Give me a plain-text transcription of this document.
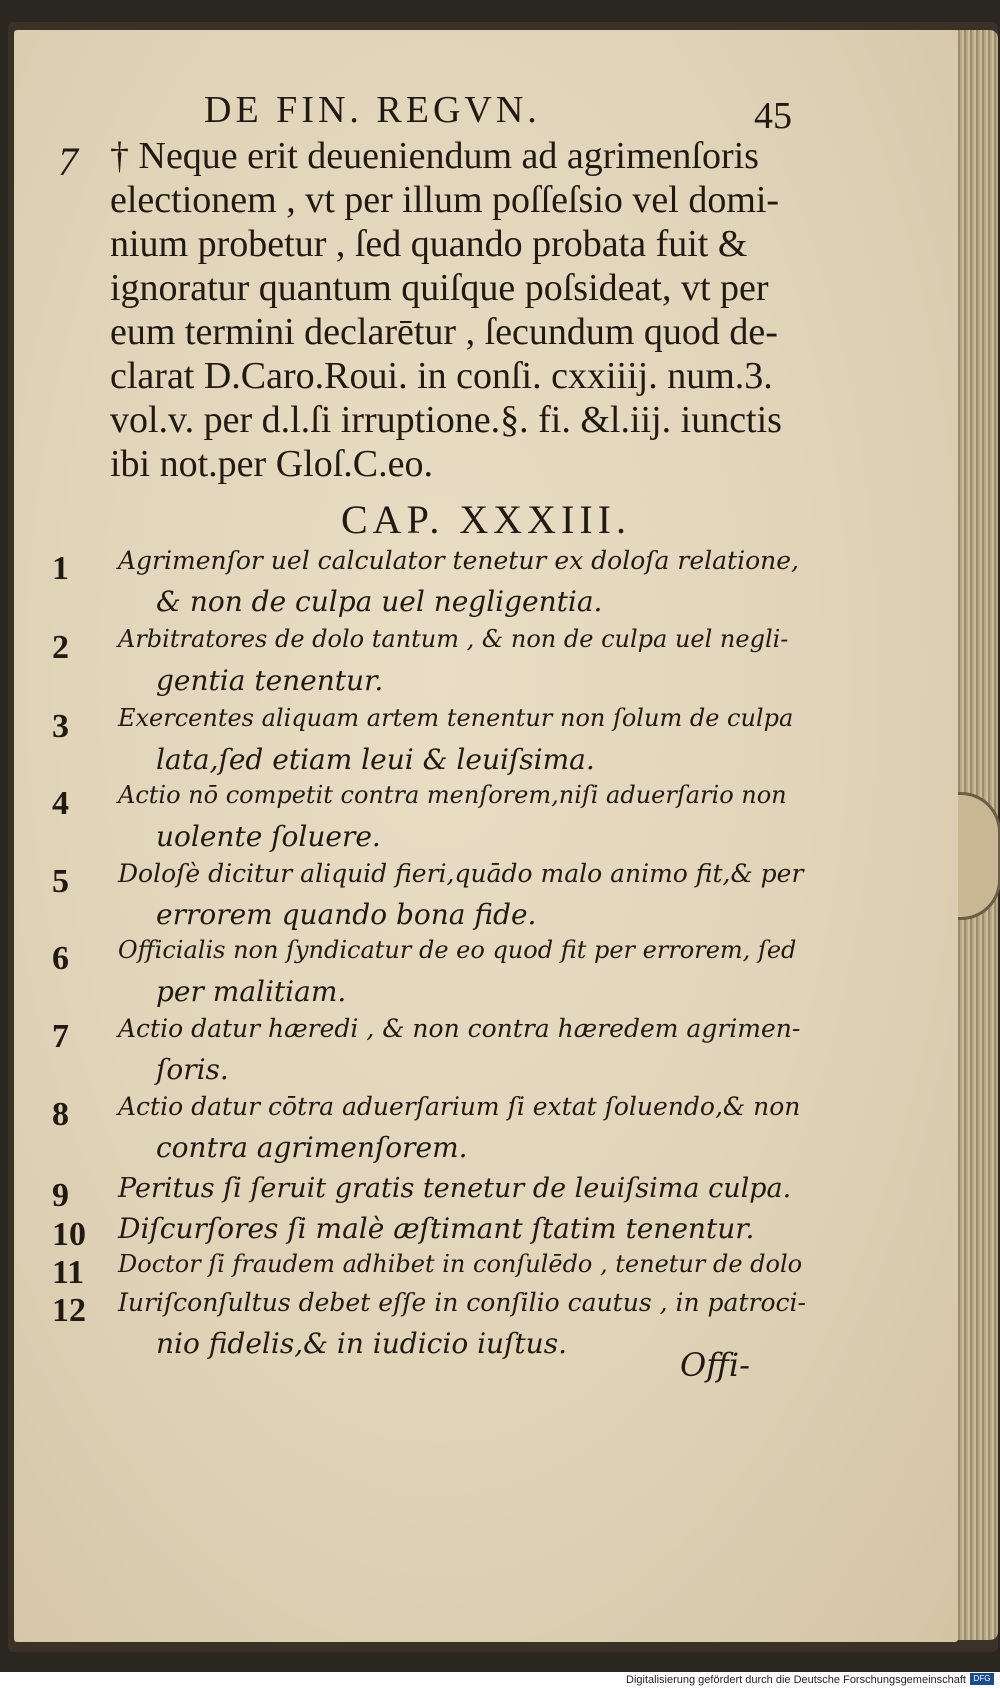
DE FIN. REGVN.	45
7 † Neque erit deueniendum ad agrimenſoris
electionem , vt per illum poſſeſsio vel domi-
nium probetur , ſed quando probata fuit &
ignoratur quantum quiſque poſsideat, vt per
eum termini declarētur , ſecundum quod de-
clarat D.Caro.Roui. in conſi. cxxiiij. num.3.
vol.v. per d.l.ſi irruptione.§. fi. &l.iij. iunctis
ibi not.per Gloſ.C.eo.
CAP. XXXIII.
1	Agrimenſor uel calculator tenetur ex doloſa relatione,
& non de culpa uel negligentia.
2	Arbitratores de dolo tantum , & non de culpa uel negli-
gentia tenentur.
3	Exercentes aliquam artem tenentur non ſolum de culpa
lata,ſed etiam leui & leuiſsima.
4	Actio nō competit contra menſorem,niſi aduerſario non
uolente ſoluere.
5	Doloſè dicitur aliquid fieri,quādo malo animo fit,& per
errorem quando bona fide.
6	Officialis non ſyndicatur de eo quod fit per errorem, ſed
per malitiam.
7	Actio datur hæredi , & non contra hæredem agrimen-
ſoris.
8	Actio datur cōtra aduerſarium ſi extat ſoluendo,& non
contra agrimenſorem.
9	Peritus ſi ſeruit gratis tenetur de leuiſsima culpa.
10	Diſcurſores ſi malè æſtimant ſtatim tenentur.
11	Doctor ſi fraudem adhibet in conſulēdo , tenetur de dolo
12	Iuriſconſultus debet eſſe in conſilio cautus , in patroci-
nio fidelis,& in iudicio iuſtus.
Offi-
Digitalisierung gefördert durch die Deutsche Forschungsgemeinschaft DFG
